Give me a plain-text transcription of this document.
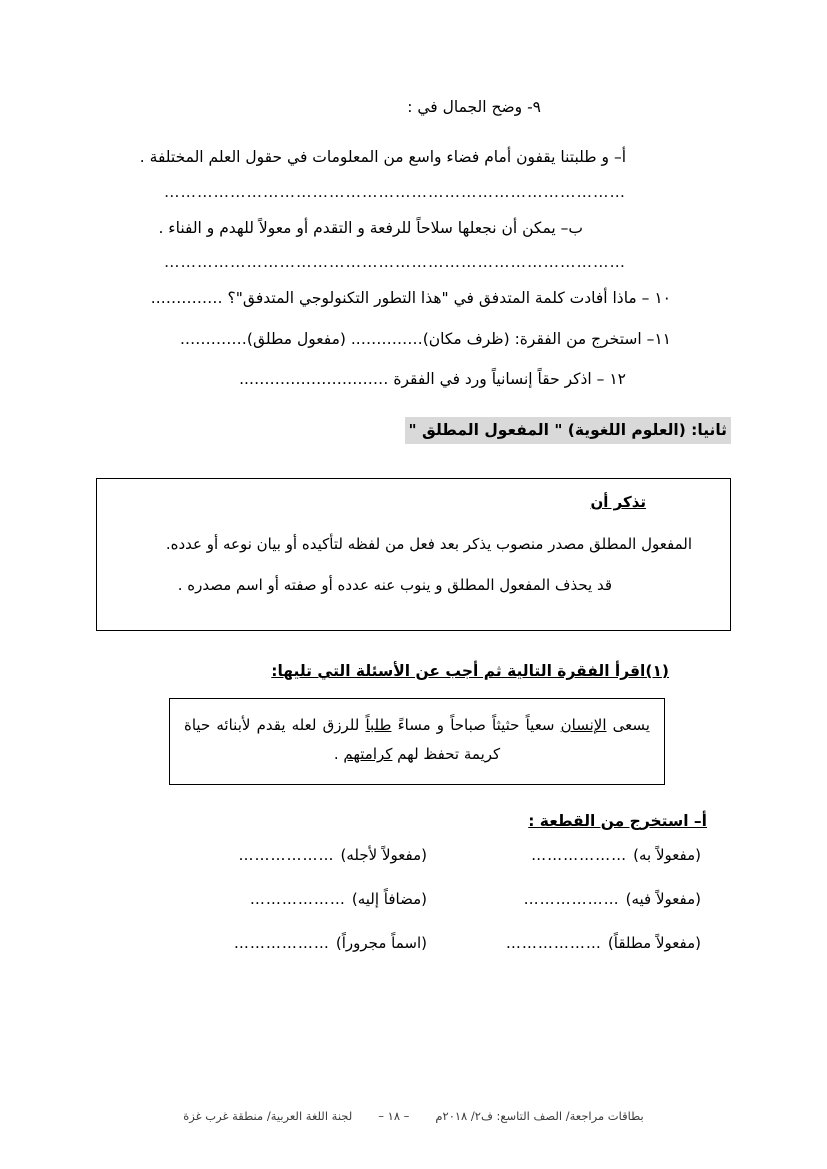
٩- وضح الجمال في :
أ– و طلبتنا يقفون أمام فضاء واسع من المعلومات في حقول العلم المختلفة .
…………………………………………………………………………
ب– يمكن أن نجعلها سلاحاً للرفعة و التقدم أو معولاً للهدم و الفناء .
…………………………………………………………………………
١٠ – ماذا أفادت كلمة المتدفق في "هذا التطور التكنولوجي المتدفق"؟ …………..
١١– استخرج من الفقرة: (ظرف مكان)………….. (مفعول مطلق)………….
١٢ – اذكر حقاً إنسانياً ورد في الفقرة ………………………..
ثانيا: (العلوم اللغوية) " المفعول المطلق "
تذكر أن
المفعول المطلق مصدر منصوب يذكر بعد فعل من لفظه لتأكيده أو بيان نوعه أو عدده.
قد يحذف المفعول المطلق و ينوب عنه عدده أو صفته أو اسم مصدره .
(١)اقرأ الفقرة التالية ثم أجب عن الأسئلة التي تليها:
يسعى الإنسان سعياً حثيثاً صباحاً و مساءً طلباً للرزق لعله يقدم لأبنائه حياة كريمة تحفظ لهم كرامتهم .
أ– استخرج من القطعة :
(مفعولاً به)
………………
(مفعولاً لأجله)
………………
(مفعولاً فيه)
………………
(مضافاً إليه)
………………
(مفعولاً مطلقاً)
………………
(اسماً مجروراً)
………………
بطاقات مراجعة/ الصف التاسع: ف٢/ ٢٠١٨م
– ١٨ –
لجنة اللغة العربية/ منطقة غرب غزة
